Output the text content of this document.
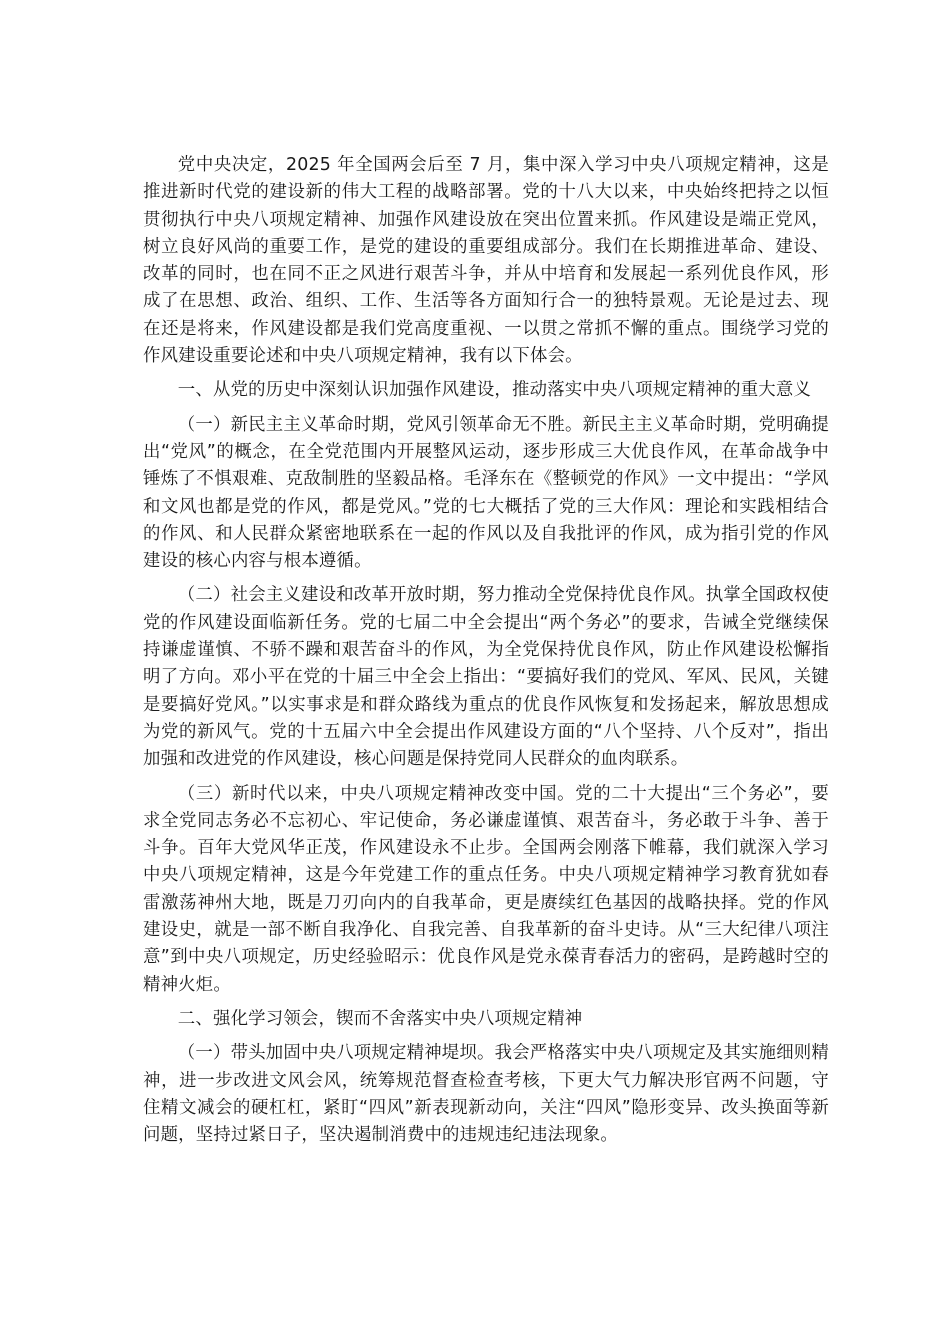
党中央决定，2025 年全国两会后至 7 月，集中深入学习中央八项规定精神，这是推进新时代党的建设新的伟大工程的战略部署。党的十八大以来，中央始终把持之以恒贯彻执行中央八项规定精神、加强作风建设放在突出位置来抓。作风建设是端正党风，树立良好风尚的重要工作，是党的建设的重要组成部分。我们在长期推进革命、建设、改革的同时，也在同不正之风进行艰苦斗争，并从中培育和发展起一系列优良作风，形成了在思想、政治、组织、工作、生活等各方面知行合一的独特景观。无论是过去、现在还是将来，作风建设都是我们党高度重视、一以贯之常抓不懈的重点。围绕学习党的作风建设重要论述和中央八项规定精神，我有以下体会。

一、从党的历史中深刻认识加强作风建设，推动落实中央八项规定精神的重大意义

（一）新民主主义革命时期，党风引领革命无不胜。新民主主义革命时期，党明确提出“党风”的概念，在全党范围内开展整风运动，逐步形成三大优良作风，在革命战争中锤炼了不惧艰难、克敌制胜的坚毅品格。毛泽东在《整顿党的作风》一文中提出：“学风和文风也都是党的作风，都是党风。”党的七大概括了党的三大作风：理论和实践相结合的作风、和人民群众紧密地联系在一起的作风以及自我批评的作风，成为指引党的作风建设的核心内容与根本遵循。

（二）社会主义建设和改革开放时期，努力推动全党保持优良作风。执掌全国政权使党的作风建设面临新任务。党的七届二中全会提出“两个务必”的要求，告诫全党继续保持谦虚谨慎、不骄不躁和艰苦奋斗的作风，为全党保持优良作风，防止作风建设松懈指明了方向。邓小平在党的十届三中全会上指出：“要搞好我们的党风、军风、民风，关键是要搞好党风。”以实事求是和群众路线为重点的优良作风恢复和发扬起来，解放思想成为党的新风气。党的十五届六中全会提出作风建设方面的“八个坚持、八个反对”，指出加强和改进党的作风建设，核心问题是保持党同人民群众的血肉联系。

（三）新时代以来，中央八项规定精神改变中国。党的二十大提出“三个务必”，要求全党同志务必不忘初心、牢记使命，务必谦虚谨慎、艰苦奋斗，务必敢于斗争、善于斗争。百年大党风华正茂，作风建设永不止步。全国两会刚落下帷幕，我们就深入学习中央八项规定精神，这是今年党建工作的重点任务。中央八项规定精神学习教育犹如春雷激荡神州大地，既是刀刃向内的自我革命，更是赓续红色基因的战略抉择。党的作风建设史，就是一部不断自我净化、自我完善、自我革新的奋斗史诗。从“三大纪律八项注意”到中央八项规定，历史经验昭示：优良作风是党永葆青春活力的密码，是跨越时空的精神火炬。

二、强化学习领会，锲而不舍落实中央八项规定精神

（一）带头加固中央八项规定精神堤坝。我会严格落实中央八项规定及其实施细则精神，进一步改进文风会风，统筹规范督查检查考核，下更大气力解决形官两不问题，守住精文减会的硬杠杠，紧盯“四风”新表现新动向，关注“四风”隐形变异、改头换面等新问题，坚持过紧日子，坚决遏制消费中的违规违纪违法现象。
